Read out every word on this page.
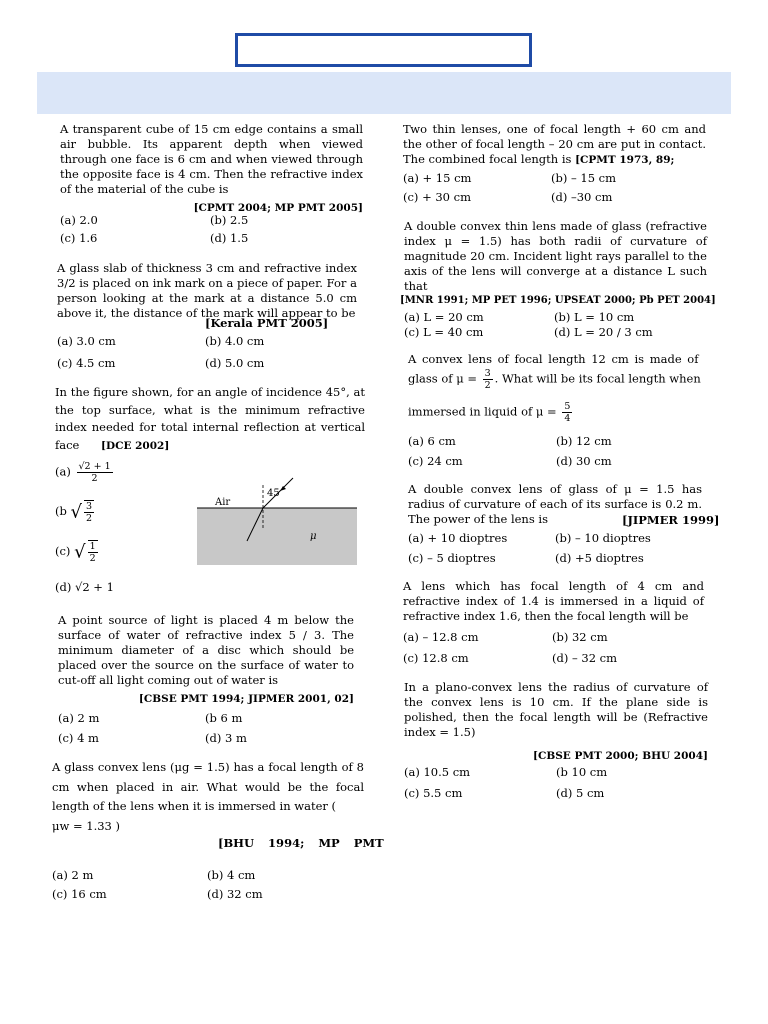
A transparent cube of 15 cm edge contains a small air bubble. Its apparent depth when viewed through one face is 6 cm and when viewed through the opposite face is 4 cm. Then the refractive index of the material of the cube is
[CPMT 2004; MP PMT 2005]
(a) 2.0	(b) 2.5
(c) 1.6	(d) 1.5
A glass slab of thickness 3 cm and refractive index 3/2 is placed on ink mark on a piece of paper. For a person looking at the mark at a distance 5.0 cm above it, the distance of the mark will appear to be
[Kerala PMT 2005]
(a) 3.0 cm	(b) 4.0 cm
(c) 4.5 cm	(d) 5.0 cm
In the figure shown, for an angle of incidence 45°, at the top surface, what is the minimum refractive index needed for total internal reflection at vertical face [DCE 2002]
$(a) \frac{√2 + 1}{2}$
(b √ $\frac{3}{2}$
(c) √ $\frac{1}{2}$
(d) √2 + 1
Air
45
μ
A point source of light is placed 4 m below the surface of water of refractive index 5 / 3. The minimum diameter of a disc which should be placed over the source on the surface of water to cut-off all light coming out of water is
[CBSE PMT 1994; JIPMER 2001, 02]
(a) 2 m	(b 6 m
(c) 4 m	(d) 3 m
A glass convex lens (μg = 1.5) has a focal length of 8 cm when placed in air. What would be the focal length of the lens when it is immersed in water (
μw = 1.33 )
[BHU 1994; MP PMT
(a) 2 m	(b) 4 cm
(c) 16 cm	(d) 32 cm
Two thin lenses, one of focal length + 60 cm and the other of focal length – 20 cm are put in contact. The combined focal length is [CPMT 1973, 89;
(a) + 15 cm	(b) – 15 cm
(c) + 30 cm	(d) –30 cm
A double convex thin lens made of glass (refractive index μ = 1.5) has both radii of curvature of magnitude 20 cm. Incident light rays parallel to the axis of the lens will converge at a distance L such that
[MNR 1991; MP PET 1996; UPSEAT 2000; Pb PET 2004]
(a) L = 20 cm	(b) L = 10 cm
(c) L = 40 cm	(d) L = 20 / 3 cm
A convex lens of focal length 12 cm is made of
glass of $\mu = \frac{3}{2}$ . What will be its focal length when
immersed in liquid of $\mu = \frac{5}{4}$
(a) 6 cm	(b) 12 cm
(c) 24 cm	(d) 30 cm
A double convex lens of glass of μ = 1.5 has radius of curvature of each of its surface is 0.2 m. The power of the lens is	[JIPMER 1999]
(a) + 10 dioptres	(b) – 10 dioptres
(c) – 5 dioptres	(d) +5 dioptres
A lens which has focal length of 4 cm and refractive index of 1.4 is immersed in a liquid of refractive index 1.6, then the focal length will be
(a) – 12.8 cm	(b) 32 cm
(c) 12.8 cm	(d) – 32 cm
In a plano-convex lens the radius of curvature of the convex lens is 10 cm. If the plane side is polished, then the focal length will be (Refractive index = 1.5)
[CBSE PMT 2000; BHU 2004]
(a) 10.5 cm	(b 10 cm
(c) 5.5 cm	(d) 5 cm
